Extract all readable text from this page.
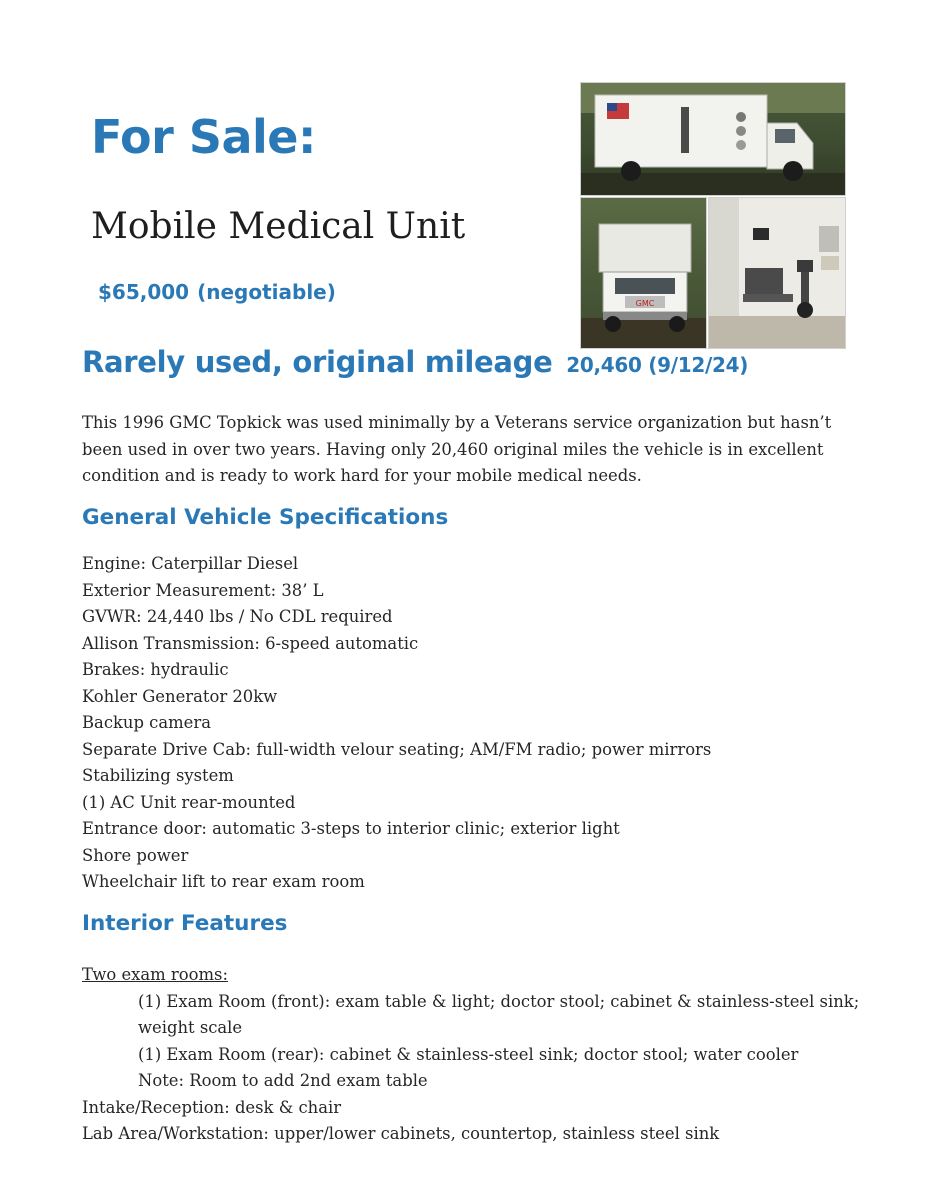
For Sale:
Mobile Medical Unit

$65,000 (negotiable)	GMC
Rarely used, original mileage 20,460 (9/12/24)

This 1996 GMC Topkick was used minimally by a Veterans service organization but hasn’t been used in over two years. Having only 20,460 original miles the vehicle is in excellent condition and is ready to work hard for your mobile medical needs.

General Vehicle Specifications
Engine: Caterpillar Diesel
Exterior Measurement: 38’ L
GVWR: 24,440 lbs / No CDL required
Allison Transmission: 6-speed automatic
Brakes: hydraulic
Kohler Generator 20kw
Backup camera
Separate Drive Cab: full-width velour seating; AM/FM radio; power mirrors
Stabilizing system
(1) AC Unit rear-mounted
Entrance door: automatic 3-steps to interior clinic; exterior light
Shore power
Wheelchair lift to rear exam room
Interior Features
Two exam rooms:
(1) Exam Room (front): exam table & light; doctor stool; cabinet & stainless-steel sink; weight scale
(1) Exam Room (rear): cabinet & stainless-steel sink; doctor stool; water cooler
Note: Room to add 2nd exam table
Intake/Reception: desk & chair
Lab Area/Workstation: upper/lower cabinets, countertop, stainless steel sink
